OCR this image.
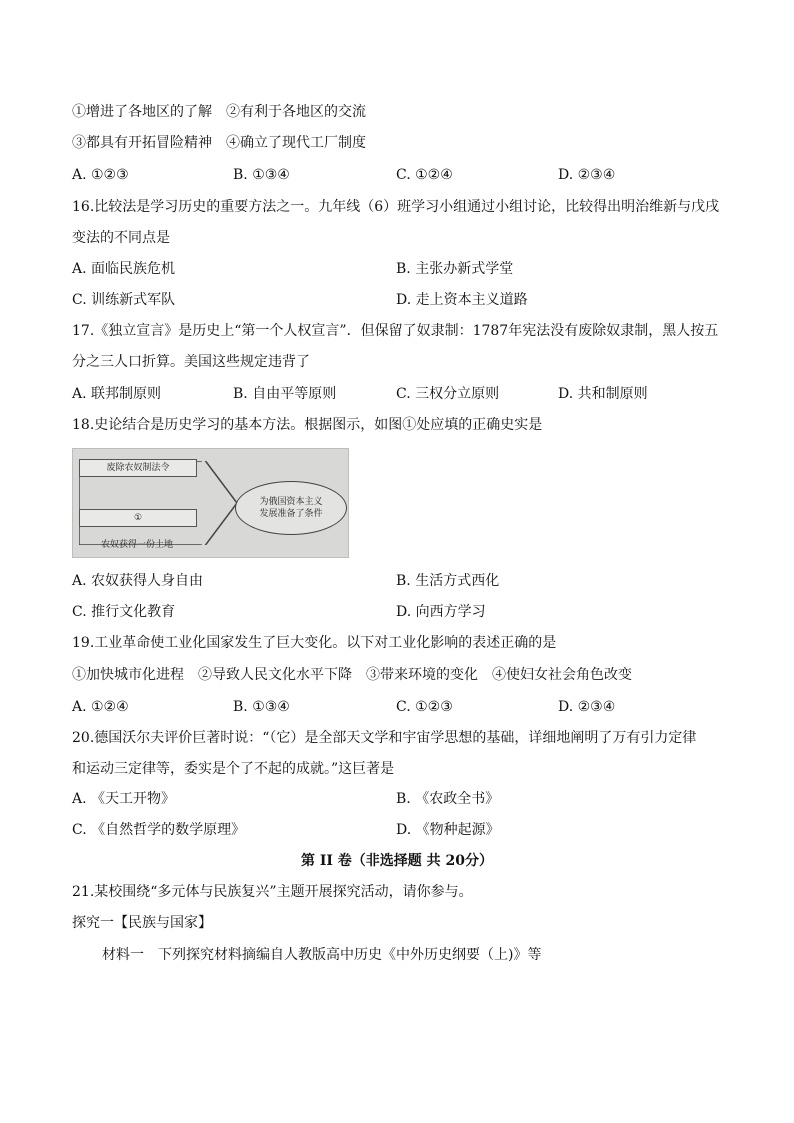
①增进了各地区的了解　②有利于各地区的交流
③都具有开拓冒险精神　④确立了现代工厂制度
A. ①②③	B. ①③④	C. ①②④	D. ②③④
16.比较法是学习历史的重要方法之一。九年线（6）班学习小组通过小组讨论，比较得出明治维新与戊戌
变法的不同点是
A. 面临民族危机	B. 主张办新式学堂
C. 训练新式军队	D. 走上资本主义道路
17.《独立宣言》是历史上“第一个人权宣言”．但保留了奴隶制：1787年宪法没有废除奴隶制，黑人按五
分之三人口折算。美国这些规定违背了
A. 联邦制原则	B. 自由平等原则	C. 三权分立原则	D. 共和制原则
18.史论结合是历史学习的基本方法。根据图示，如图①处应填的正确史实是
废除农奴制法令
①
农奴获得一份土地
为俄国资本主义
发展准备了条件
A. 农奴获得人身自由	B. 生活方式西化
C. 推行文化教育	D. 向西方学习
19.工业革命使工业化国家发生了巨大变化。以下对工业化影响的表述正确的是
①加快城市化进程　②导致人民文化水平下降　③带来环境的变化　④使妇女社会角色改变
A. ①②④	B. ①③④	C. ①②③	D. ②③④
20.德国沃尔夫评价巨著时说：“（它）是全部天文学和宇宙学思想的基础，详细地阐明了万有引力定律
和运动三定律等，委实是个了不起的成就。”这巨著是
A. 《天工开物》	B. 《农政全书》
C. 《自然哲学的数学原理》	D. 《物种起源》
第 II 卷（非选择题 共 20分）
21.某校围绕“多元体与民族复兴”主题开展探究活动，请你参与。
探究一【民族与国家】
材料一　下列探究材料摘编自人教版高中历史《中外历史纲要（上)》等
